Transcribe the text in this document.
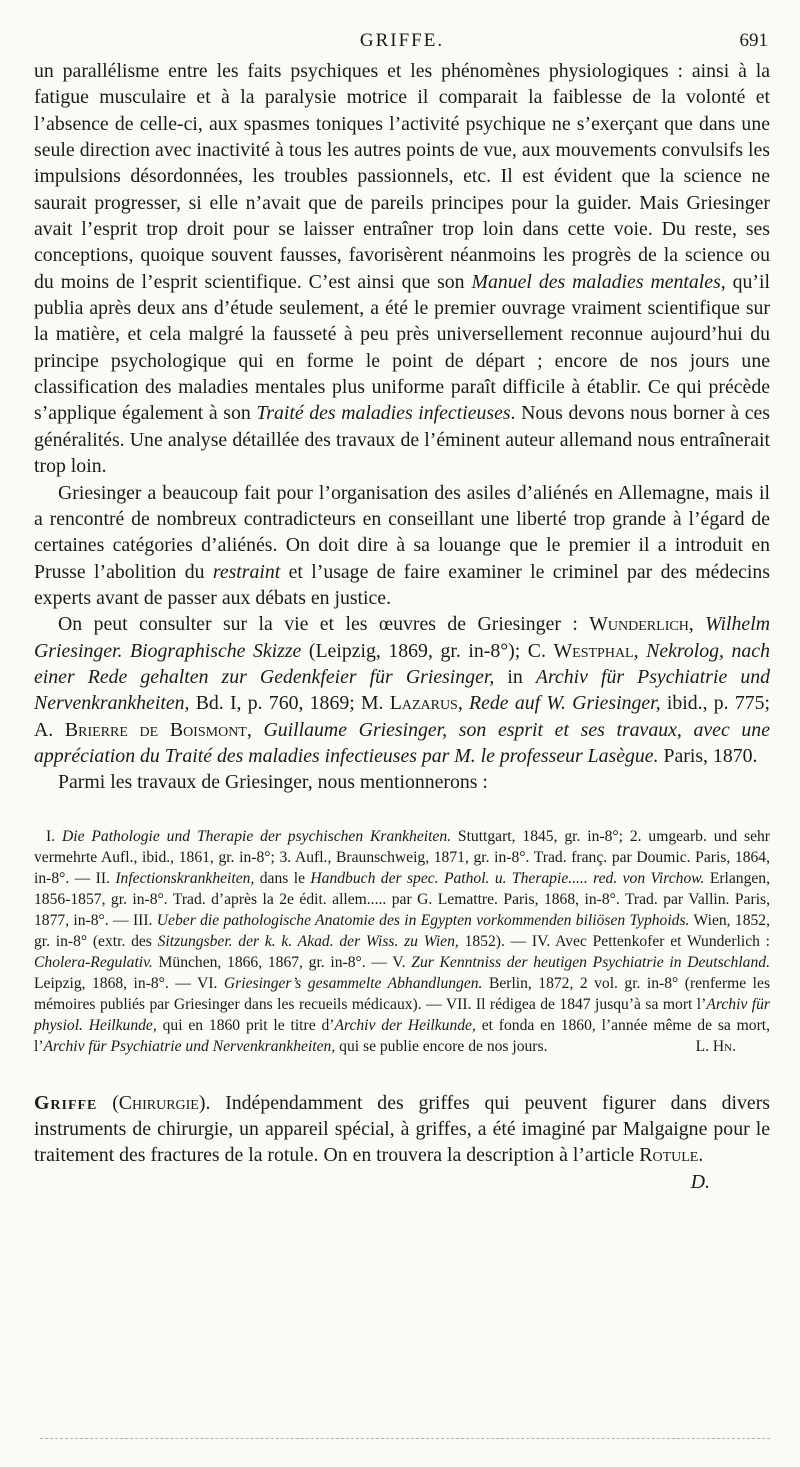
GRIFFE.	691

un parallélisme entre les faits psychiques et les phénomènes physiologiques : ainsi à la fatigue musculaire et à la paralysie motrice il comparait la faiblesse de la volonté et l’absence de celle-ci, aux spasmes toniques l’activité psychique ne s’exerçant que dans une seule direction avec inactivité à tous les autres points de vue, aux mouvements convulsifs les impulsions désordonnées, les troubles passionnels, etc. Il est évident que la science ne saurait progresser, si elle n’avait que de pareils principes pour la guider. Mais Griesinger avait l’esprit trop droit pour se laisser entraîner trop loin dans cette voie. Du reste, ses conceptions, quoique souvent fausses, favorisèrent néanmoins les progrès de la science ou du moins de l’esprit scientifique. C’est ainsi que son Manuel des maladies mentales, qu’il publia après deux ans d’étude seulement, a été le premier ouvrage vraiment scientifique sur la matière, et cela malgré la fausseté à peu près universellement reconnue aujourd’hui du principe psychologique qui en forme le point de départ ; encore de nos jours une classification des maladies mentales plus uniforme paraît difficile à établir. Ce qui précède s’applique également à son Traité des maladies infectieuses. Nous devons nous borner à ces généralités. Une analyse détaillée des travaux de l’éminent auteur allemand nous entraînerait trop loin.

Griesinger a beaucoup fait pour l’organisation des asiles d’aliénés en Allemagne, mais il a rencontré de nombreux contradicteurs en conseillant une liberté trop grande à l’égard de certaines catégories d’aliénés. On doit dire à sa louange que le premier il a introduit en Prusse l’abolition du restraint et l’usage de faire examiner le criminel par des médecins experts avant de passer aux débats en justice.

On peut consulter sur la vie et les œuvres de Griesinger : Wunderlich, Wilhelm Griesinger. Biographische Skizze (Leipzig, 1869, gr. in-8°); C. Westphal, Nekrolog, nach einer Rede gehalten zur Gedenkfeier für Griesinger, in Archiv für Psychiatrie und Nervenkrankheiten, Bd. I, p. 760, 1869; M. Lazarus, Rede auf W. Griesinger, ibid., p. 775; A. Brierre de Boismont, Guillaume Griesinger, son esprit et ses travaux, avec une appréciation du Traité des maladies infectieuses par M. le professeur Lasègue. Paris, 1870.

Parmi les travaux de Griesinger, nous mentionnerons :

I. Die Pathologie und Therapie der psychischen Krankheiten. Stuttgart, 1845, gr. in-8°; 2. umgearb. und sehr vermehrte Aufl., ibid., 1861, gr. in-8°; 3. Aufl., Braunschweig, 1871, gr. in-8°. Trad. franç. par Doumic. Paris, 1864, in-8°. — II. Infectionskrankheiten, dans le Handbuch der spec. Pathol. u. Therapie..... red. von Virchow. Erlangen, 1856-1857, gr. in-8°. Trad. d’après la 2e édit. allem..... par G. Lemattre. Paris, 1868, in-8°. Trad. par Vallin. Paris, 1877, in-8°. — III. Ueber die pathologische Anatomie des in Egypten vorkommenden biliösen Typhoids. Wien, 1852, gr. in-8° (extr. des Sitzungsber. der k. k. Akad. der Wiss. zu Wien, 1852). — IV. Avec Pettenkofer et Wunderlich : Cholera-Regulativ. München, 1866, 1867, gr. in-8°. — V. Zur Kenntniss der heutigen Psychiatrie in Deutschland. Leipzig, 1868, in-8°. — VI. Griesinger’s gesammelte Abhandlungen. Berlin, 1872, 2 vol. gr. in-8° (renferme les mémoires publiés par Griesinger dans les recueils médicaux). — VII. Il rédigea de 1847 jusqu’à sa mort l’Archiv für physiol. Heilkunde, qui en 1860 prit le titre d’Archiv der Heilkunde, et fonda en 1860, l’année même de sa mort, l’Archiv für Psychiatrie und Nervenkrankheiten, qui se publie encore de nos jours.	L. Hn.

Griffe (Chirurgie). Indépendamment des griffes qui peuvent figurer dans divers instruments de chirurgie, un appareil spécial, à griffes, a été imaginé par Malgaigne pour le traitement des fractures de la rotule. On en trouvera la description à l’article Rotule.
D.
